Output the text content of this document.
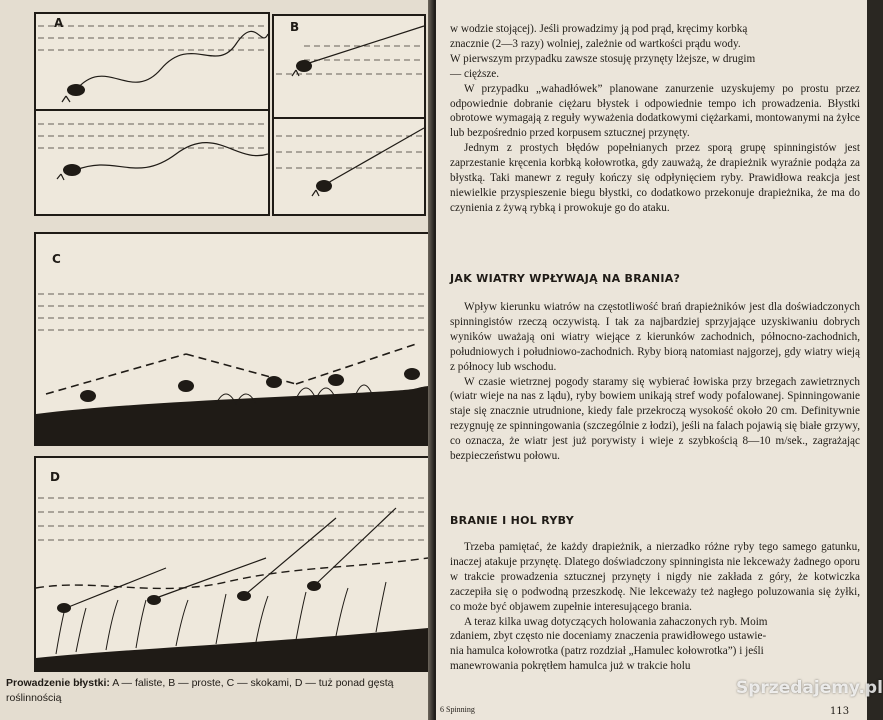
A	B
C
D
Prowadzenie błystki: A — faliste, B — proste, C — skokami, D — tuż ponad gęstą roślinnością

w wodzie stojącej). Jeśli prowadzimy ją pod prąd, kręcimy korbką

znacznie (2—3 razy) wolniej, zależnie od wartkości prądu wody.

W pierwszym przypadku zawsze stosuję przynęty lżejsze, w drugim

— cięższe.

W przypadku „wahadłówek” planowane zanurzenie uzyskujemy po prostu przez odpowiednie dobranie ciężaru błystek i odpowiednie tempo ich prowadzenia. Błystki obrotowe wymagają z reguły wyważenia dodatkowymi ciężarkami, montowanymi na żyłce lub bezpośrednio przed korpusem sztucznej przynęty.

Jednym z prostych błędów popełnianych przez sporą grupę spinningistów jest zaprzestanie kręcenia korbką kołowrotka, gdy zauważą, że drapieżnik wyraźnie podąża za błystką. Taki manewr z reguły kończy się odpłynięciem ryby. Prawidłowa reakcja jest niewielkie przyspieszenie biegu błystki, co dodatkowo przekonuje drapieżnika, że ma do czynienia z żywą rybką i prowokuje go do ataku.

JAK WIATRY WPŁYWAJĄ NA BRANIA?

Wpływ kierunku wiatrów na częstotliwość brań drapieżników jest dla doświadczonych spinningistów rzeczą oczywistą. I tak za najbardziej sprzyjające uzyskiwaniu dobrych wyników uważają oni wiatry wiejące z kierunków zachodnich, północno-zachodnich, południowych i południowo-zachodnich. Ryby biorą natomiast najgorzej, gdy wiatry wieją z północy lub wschodu.

W czasie wietrznej pogody staramy się wybierać łowiska przy brzegach zawietrznych (wiatr wieje na nas z lądu), ryby bowiem unikają stref wody pofalowanej. Spinningowanie staje się znacznie utrudnione, kiedy fale przekroczą wysokość około 20 cm. Definitywnie rezygnuję ze spinningowania (szczególnie z łodzi), jeśli na falach pojawią się białe grzywy, co oznacza, że wiatr jest już porywisty i wieje z szybkością 8—10 m/sek., zagrażając bezpieczeństwu połowu.

BRANIE I HOL RYBY

Trzeba pamiętać, że każdy drapieżnik, a nierzadko różne ryby tego samego gatunku, inaczej atakuje przynętę. Dlatego doświadczony spinningista nie lekceważy żadnego oporu w trakcie prowadzenia sztucznej przynęty i nigdy nie zakłada z góry, że kotwiczka zaczepiła się o podwodną przeszkodę. Nie lekceważy też nagłego poluzowania się żyłki, co może być objawem zupełnie interesującego brania.

A teraz kilka uwag dotyczących holowania zahaczonych ryb. Moim

zdaniem, zbyt często nie doceniamy znaczenia prawidłowego ustawie-

nia hamulca kołowrotka (patrz rozdział „Hamulec kołowrotka”) i jeśli

manewrowania pokrętłem hamulca już w trakcie holu

6 Spinning	113
Sprzedajemy.pl
